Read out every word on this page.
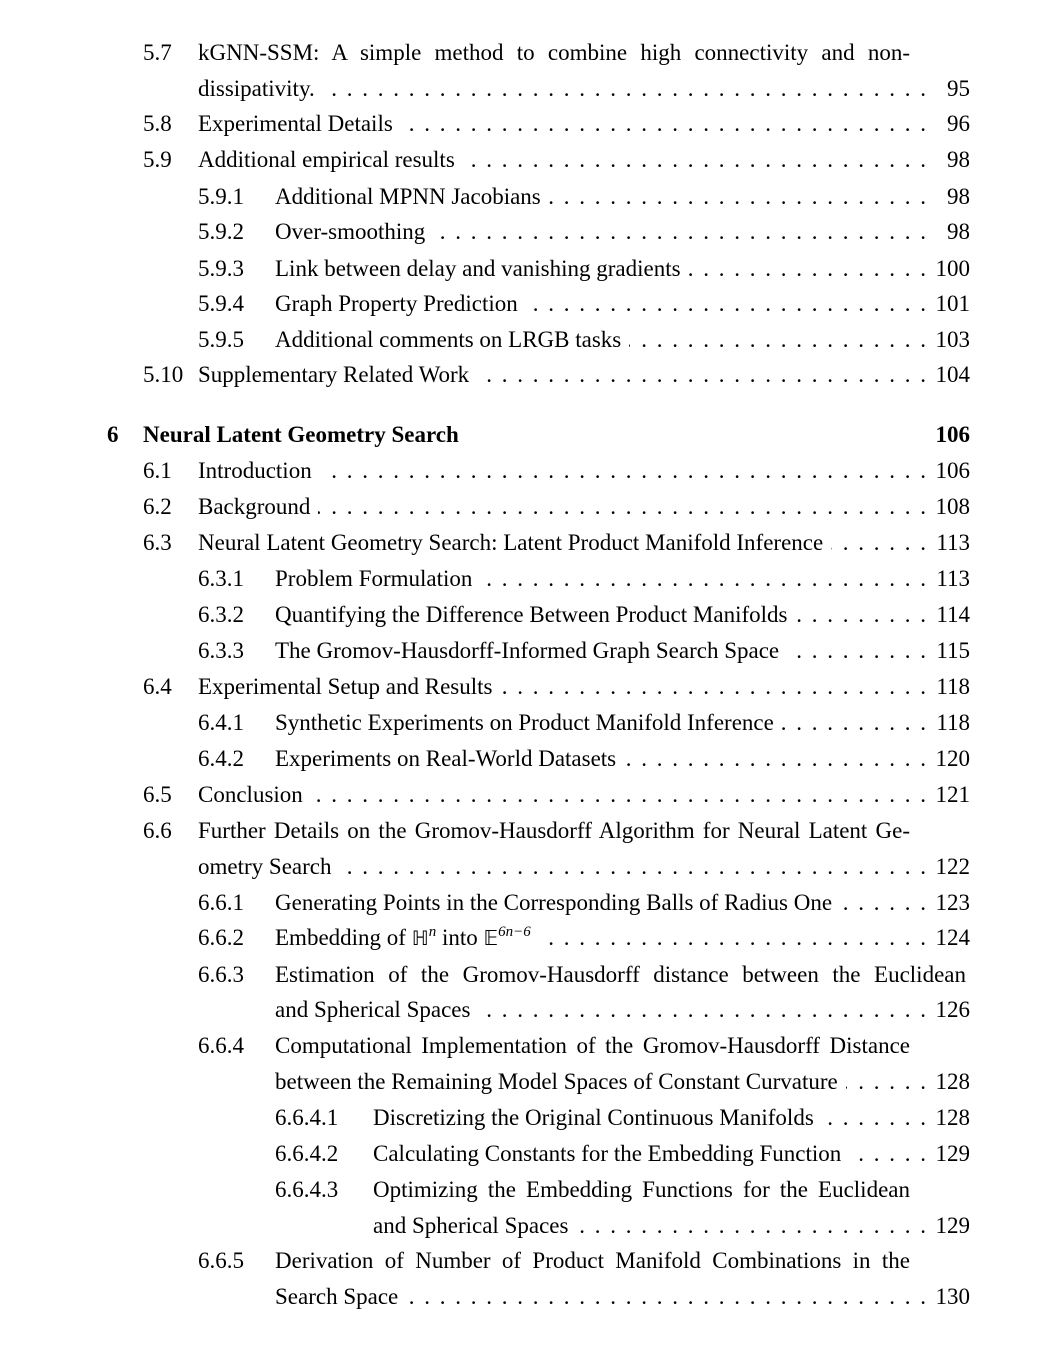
5.7	kGNN-SSM: A simple method to combine high connectivity and non-
dissipativity. . . .	95
5.8	Experimental Details . . .	96
5.9	Additional empirical results . . .	98
5.9.1	Additional MPNN Jacobians . . .	98
5.9.2	Over-smoothing . . .	98
5.9.3	Link between delay and vanishing gradients . . .	100
5.9.4	Graph Property Prediction . . .	101
5.9.5	Additional comments on LRGB tasks . . .	103
5.10 Supplementary Related Work . . .	104
6	Neural Latent Geometry Search	106
6.1	Introduction . . .	106
6.2	Background . . .	108
6.3	Neural Latent Geometry Search: Latent Product Manifold Inference . . .	113
6.3.1	Problem Formulation . . .	113
6.3.2	Quantifying the Difference Between Product Manifolds . . .	114
6.3.3	The Gromov-Hausdorff-Informed Graph Search Space . . .	115
6.4	Experimental Setup and Results . . .	118
6.4.1	Synthetic Experiments on Product Manifold Inference . . .	118
6.4.2	Experiments on Real-World Datasets . . .	120
6.5	Conclusion . . .	121
6.6	Further Details on the Gromov-Hausdorff Algorithm for Neural Latent Ge-
ometry Search . . .	122
6.6.1	Generating Points in the Corresponding Balls of Radius One . . .	123
6.6.2	Embedding of ℍ$^n$ into 𝔼$^{6n-6}$ . . .	124
6.6.3	Estimation of the Gromov-Hausdorff distance between the Euclidean
and Spherical Spaces . . .	126
6.6.4	Computational Implementation of the Gromov-Hausdorff Distance
between the Remaining Model Spaces of Constant Curvature . . .	128
6.6.4.1	Discretizing the Original Continuous Manifolds . . .	128
6.6.4.2	Calculating Constants for the Embedding Function . . .	129
6.6.4.3	Optimizing the Embedding Functions for the Euclidean
and Spherical Spaces . . .	129
6.6.5	Derivation of Number of Product Manifold Combinations in the
Search Space . . .	130
